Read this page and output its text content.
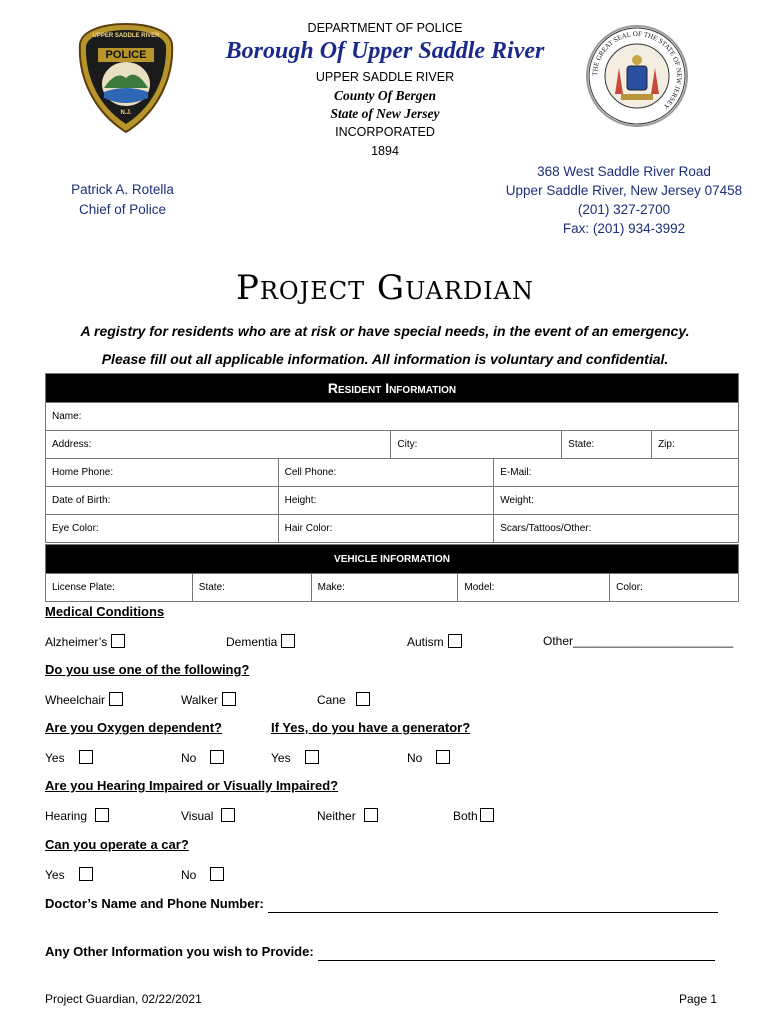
UPPER SADDLE RIVER
POLICE
N.J.
THE GREAT SEAL OF THE STATE OF NEW JERSEY
DEPARTMENT OF POLICE
Borough Of Upper Saddle River
UPPER SADDLE RIVER
County Of Bergen
State of New Jersey
INCORPORATED
1894
Patrick A. Rotella
Chief of Police
368 West Saddle River Road
Upper Saddle River, New Jersey 07458
(201) 327-2700
Fax: (201) 934-3992
Project Guardian
A registry for residents who are at risk or have special needs, in the event of an emergency.
Please fill out all applicable information. All information is voluntary and confidential.
Resident Information					
Name:					
Address:		City:		State:	Zip:
Home Phone:	Cell Phone:		E-Mail:		
Date of Birth:	Height:		Weight:		
Eye Color:	Hair Color:		Scars/Tattoos/Other:		
VEHICLE INFORMATION
License Plate:	State:	Make:	Model:	Color:
Medical Conditions
Alzheimer’s	Dementia	Autism	Other________________________
Do you use one of the following?
Wheelchair	Walker	Cane
Are you Oxygen dependent?	If Yes, do you have a generator?
Yes	No	Yes	No
Are you Hearing Impaired or Visually Impaired?
Hearing	Visual	Neither	Both
Can you operate a car?
Yes	No
Doctor’s Name and Phone Number:
Any Other Information you wish to Provide:
Project Guardian, 02/22/2021	Page 1
